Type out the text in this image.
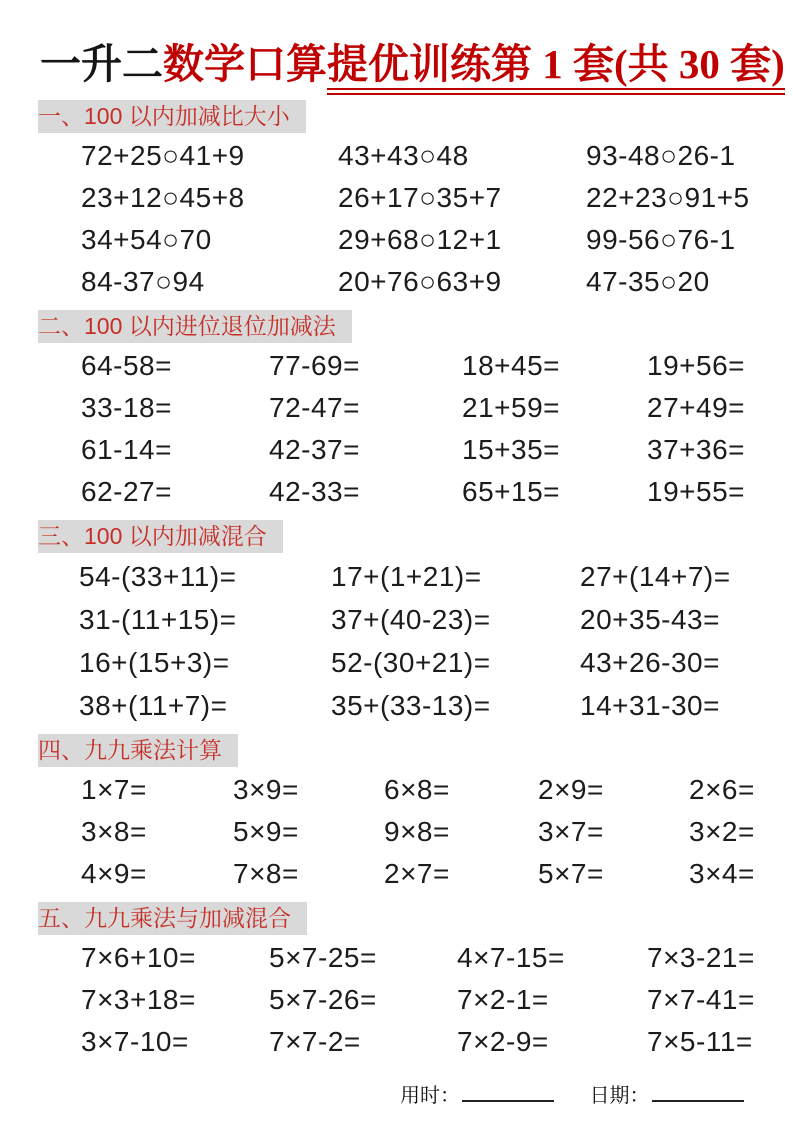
一升二数学口算提优训练第 1 套(共 30 套)
一、100 以内加减比大小
72+25○41+9	43+43○48	93-48○26-1
23+12○45+8	26+17○35+7	22+23○91+5
34+54○70	29+68○12+1	99-56○76-1
84-37○94	20+76○63+9	47-35○20
二、100 以内进位退位加减法
64-58=	77-69=	18+45=	19+56=
33-18=	72-47=	21+59=	27+49=
61-14=	42-37=	15+35=	37+36=
62-27=	42-33=	65+15=	19+55=
三、100 以内加减混合
54-(33+11)=	17+(1+21)=	27+(14+7)=
31-(11+15)=	37+(40-23)=	20+35-43=
16+(15+3)=	52-(30+21)=	43+26-30=
38+(11+7)=	35+(33-13)=	14+31-30=
四、九九乘法计算
1×7=	3×9=	6×8=	2×9=	2×6=
3×8=	5×9=	9×8=	3×7=	3×2=
4×9=	7×8=	2×7=	5×7=	3×4=
五、九九乘法与加减混合
7×6+10=	5×7-25=	4×7-15=	7×3-21=
7×3+18=	5×7-26=	7×2-1=	7×7-41=
3×7-10=	7×7-2=	7×2-9=	7×5-11=
用时：	日期：
